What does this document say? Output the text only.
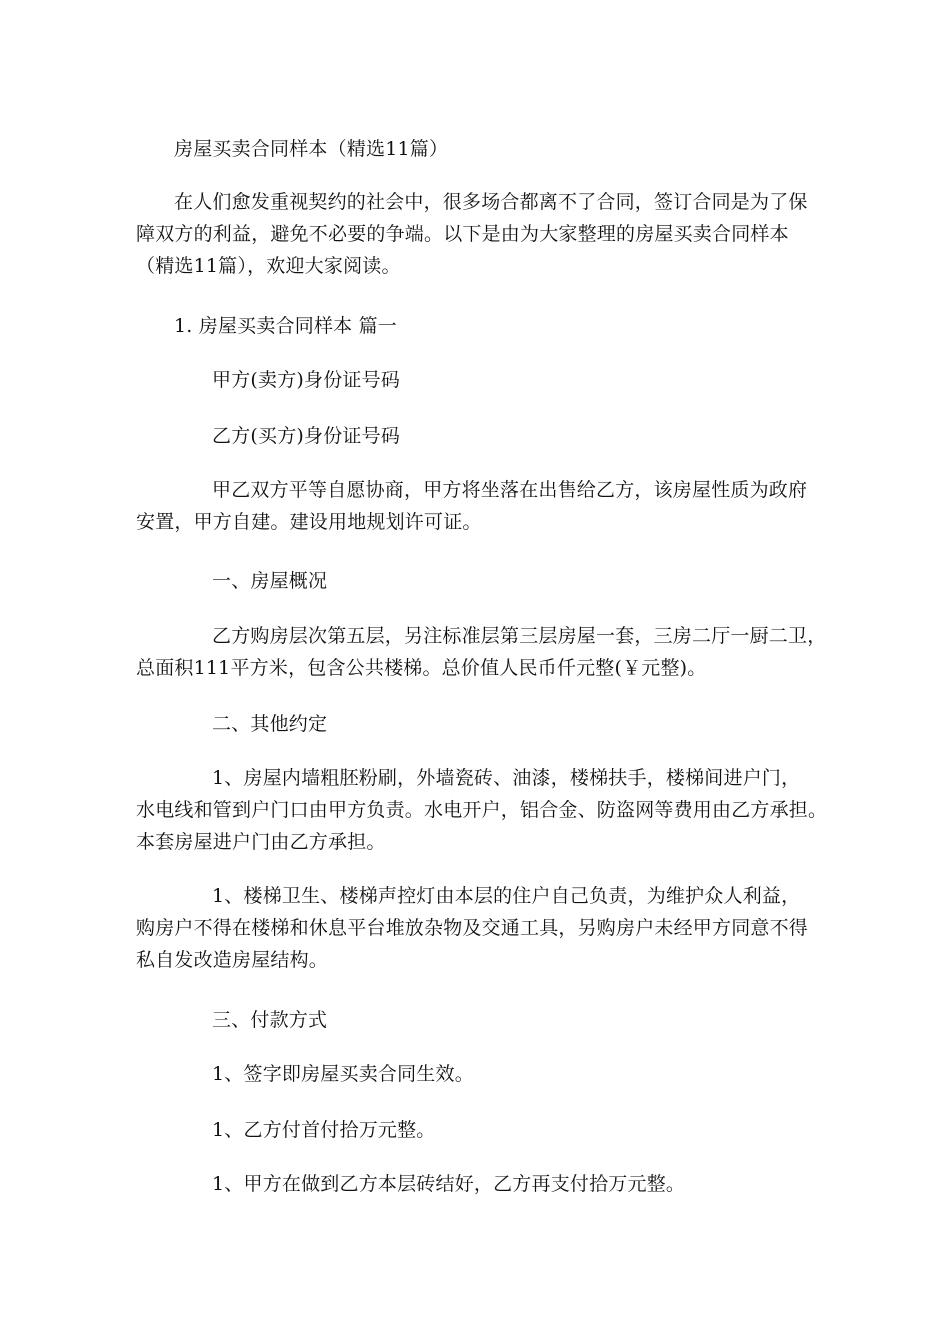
房屋买卖合同样本（精选11篇）
在人们愈发重视契约的社会中，很多场合都离不了合同，签订合同是为了保
障双方的利益，避免不必要的争端。以下是由为大家整理的房屋买卖合同样本
（精选11篇），欢迎大家阅读。
1. 房屋买卖合同样本 篇一
甲方(卖方)身份证号码
乙方(买方)身份证号码
甲乙双方平等自愿协商，甲方将坐落在出售给乙方，该房屋性质为政府
安置，甲方自建。建设用地规划许可证。
一、房屋概况
乙方购房层次第五层，另注标准层第三层房屋一套，三房二厅一厨二卫，
总面积111平方米，包含公共楼梯。总价值人民币仟元整(￥元整)。
二、其他约定
1、房屋内墙粗胚粉刷，外墙瓷砖、油漆，楼梯扶手，楼梯间进户门，
水电线和管到户门口由甲方负责。水电开户，铝合金、防盗网等费用由乙方承担。
本套房屋进户门由乙方承担。
1、楼梯卫生、楼梯声控灯由本层的住户自己负责，为维护众人利益，
购房户不得在楼梯和休息平台堆放杂物及交通工具，另购房户未经甲方同意不得
私自发改造房屋结构。
三、付款方式
1、签字即房屋买卖合同生效。
1、乙方付首付拾万元整。
1、甲方在做到乙方本层砖结好，乙方再支付拾万元整。
